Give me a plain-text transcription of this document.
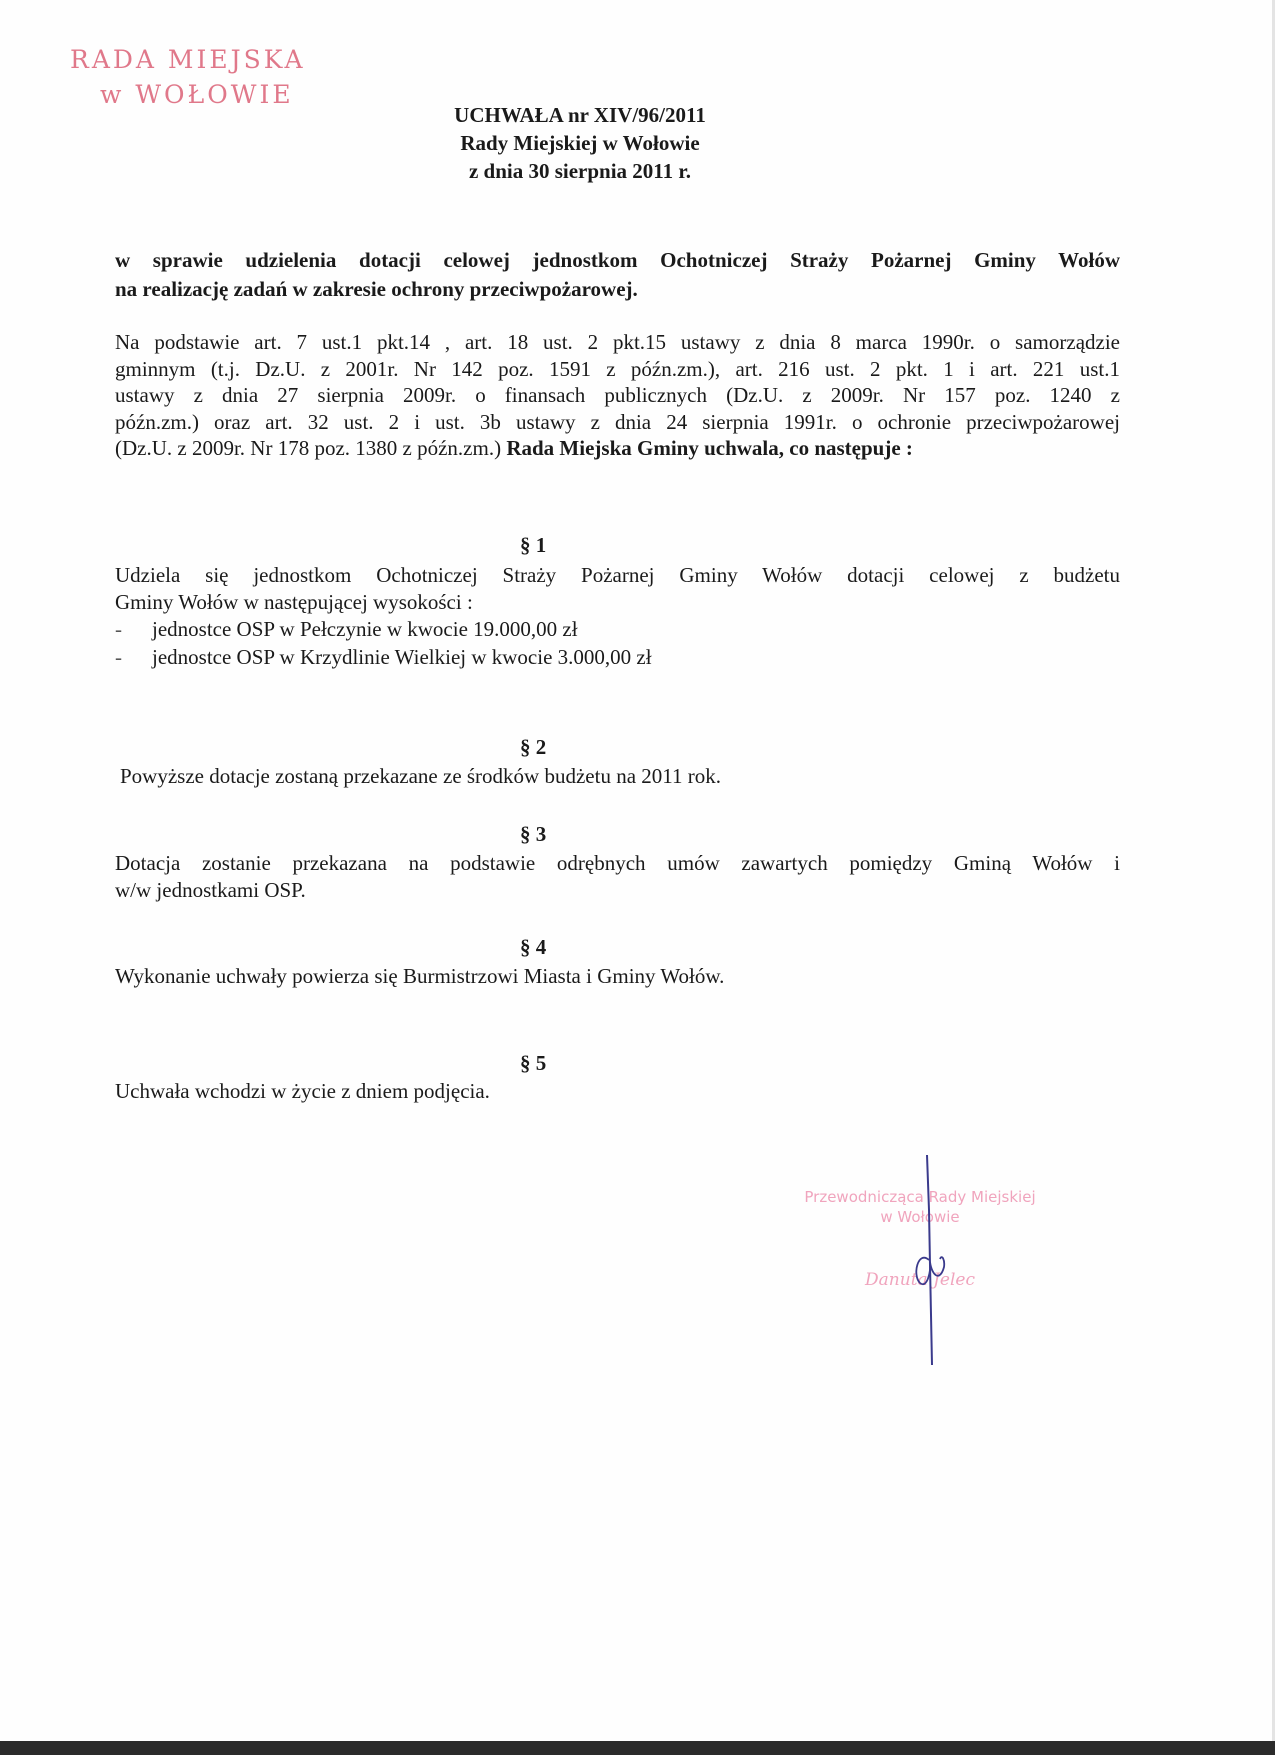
RADA MIEJSKA
w WOŁOWIE
UCHWAŁA nr XIV/96/2011
Rady Miejskiej w Wołowie
z dnia 30 sierpnia 2011 r.
w sprawie udzielenia dotacji celowej jednostkom Ochotniczej Straży Pożarnej Gminy Wołów
na realizację zadań w zakresie ochrony przeciwpożarowej.
Na podstawie art. 7 ust.1 pkt.14 , art. 18 ust. 2 pkt.15 ustawy z dnia 8 marca 1990r. o samorządzie
gminnym (t.j. Dz.U. z 2001r. Nr 142 poz. 1591 z późn.zm.), art. 216 ust. 2 pkt. 1 i art. 221 ust.1
ustawy z dnia 27 sierpnia 2009r. o finansach publicznych (Dz.U. z 2009r. Nr 157 poz. 1240 z
późn.zm.) oraz art. 32 ust. 2 i ust. 3b ustawy z dnia 24 sierpnia 1991r. o ochronie przeciwpożarowej
(Dz.U. z 2009r. Nr 178 poz. 1380 z późn.zm.) Rada Miejska Gminy uchwala, co następuje :
§ 1
Udziela się jednostkom Ochotniczej Straży Pożarnej Gminy Wołów dotacji celowej z budżetu
Gminy Wołów w następującej wysokości :
- jednostce OSP w Pełczynie w kwocie 19.000,00 zł
- jednostce OSP w Krzydlinie Wielkiej w kwocie 3.000,00 zł
§ 2
Powyższe dotacje zostaną przekazane ze środków budżetu na 2011 rok.
§ 3
Dotacja zostanie przekazana na podstawie odrębnych umów zawartych pomiędzy Gminą Wołów i
w/w jednostkami OSP.
§ 4
Wykonanie uchwały powierza się Burmistrzowi Miasta i Gminy Wołów.
§ 5
Uchwała wchodzi w życie z dniem podjęcia.
Przewodnicząca Rady Miejskiej
w Wołowie
Danuta Jelec
